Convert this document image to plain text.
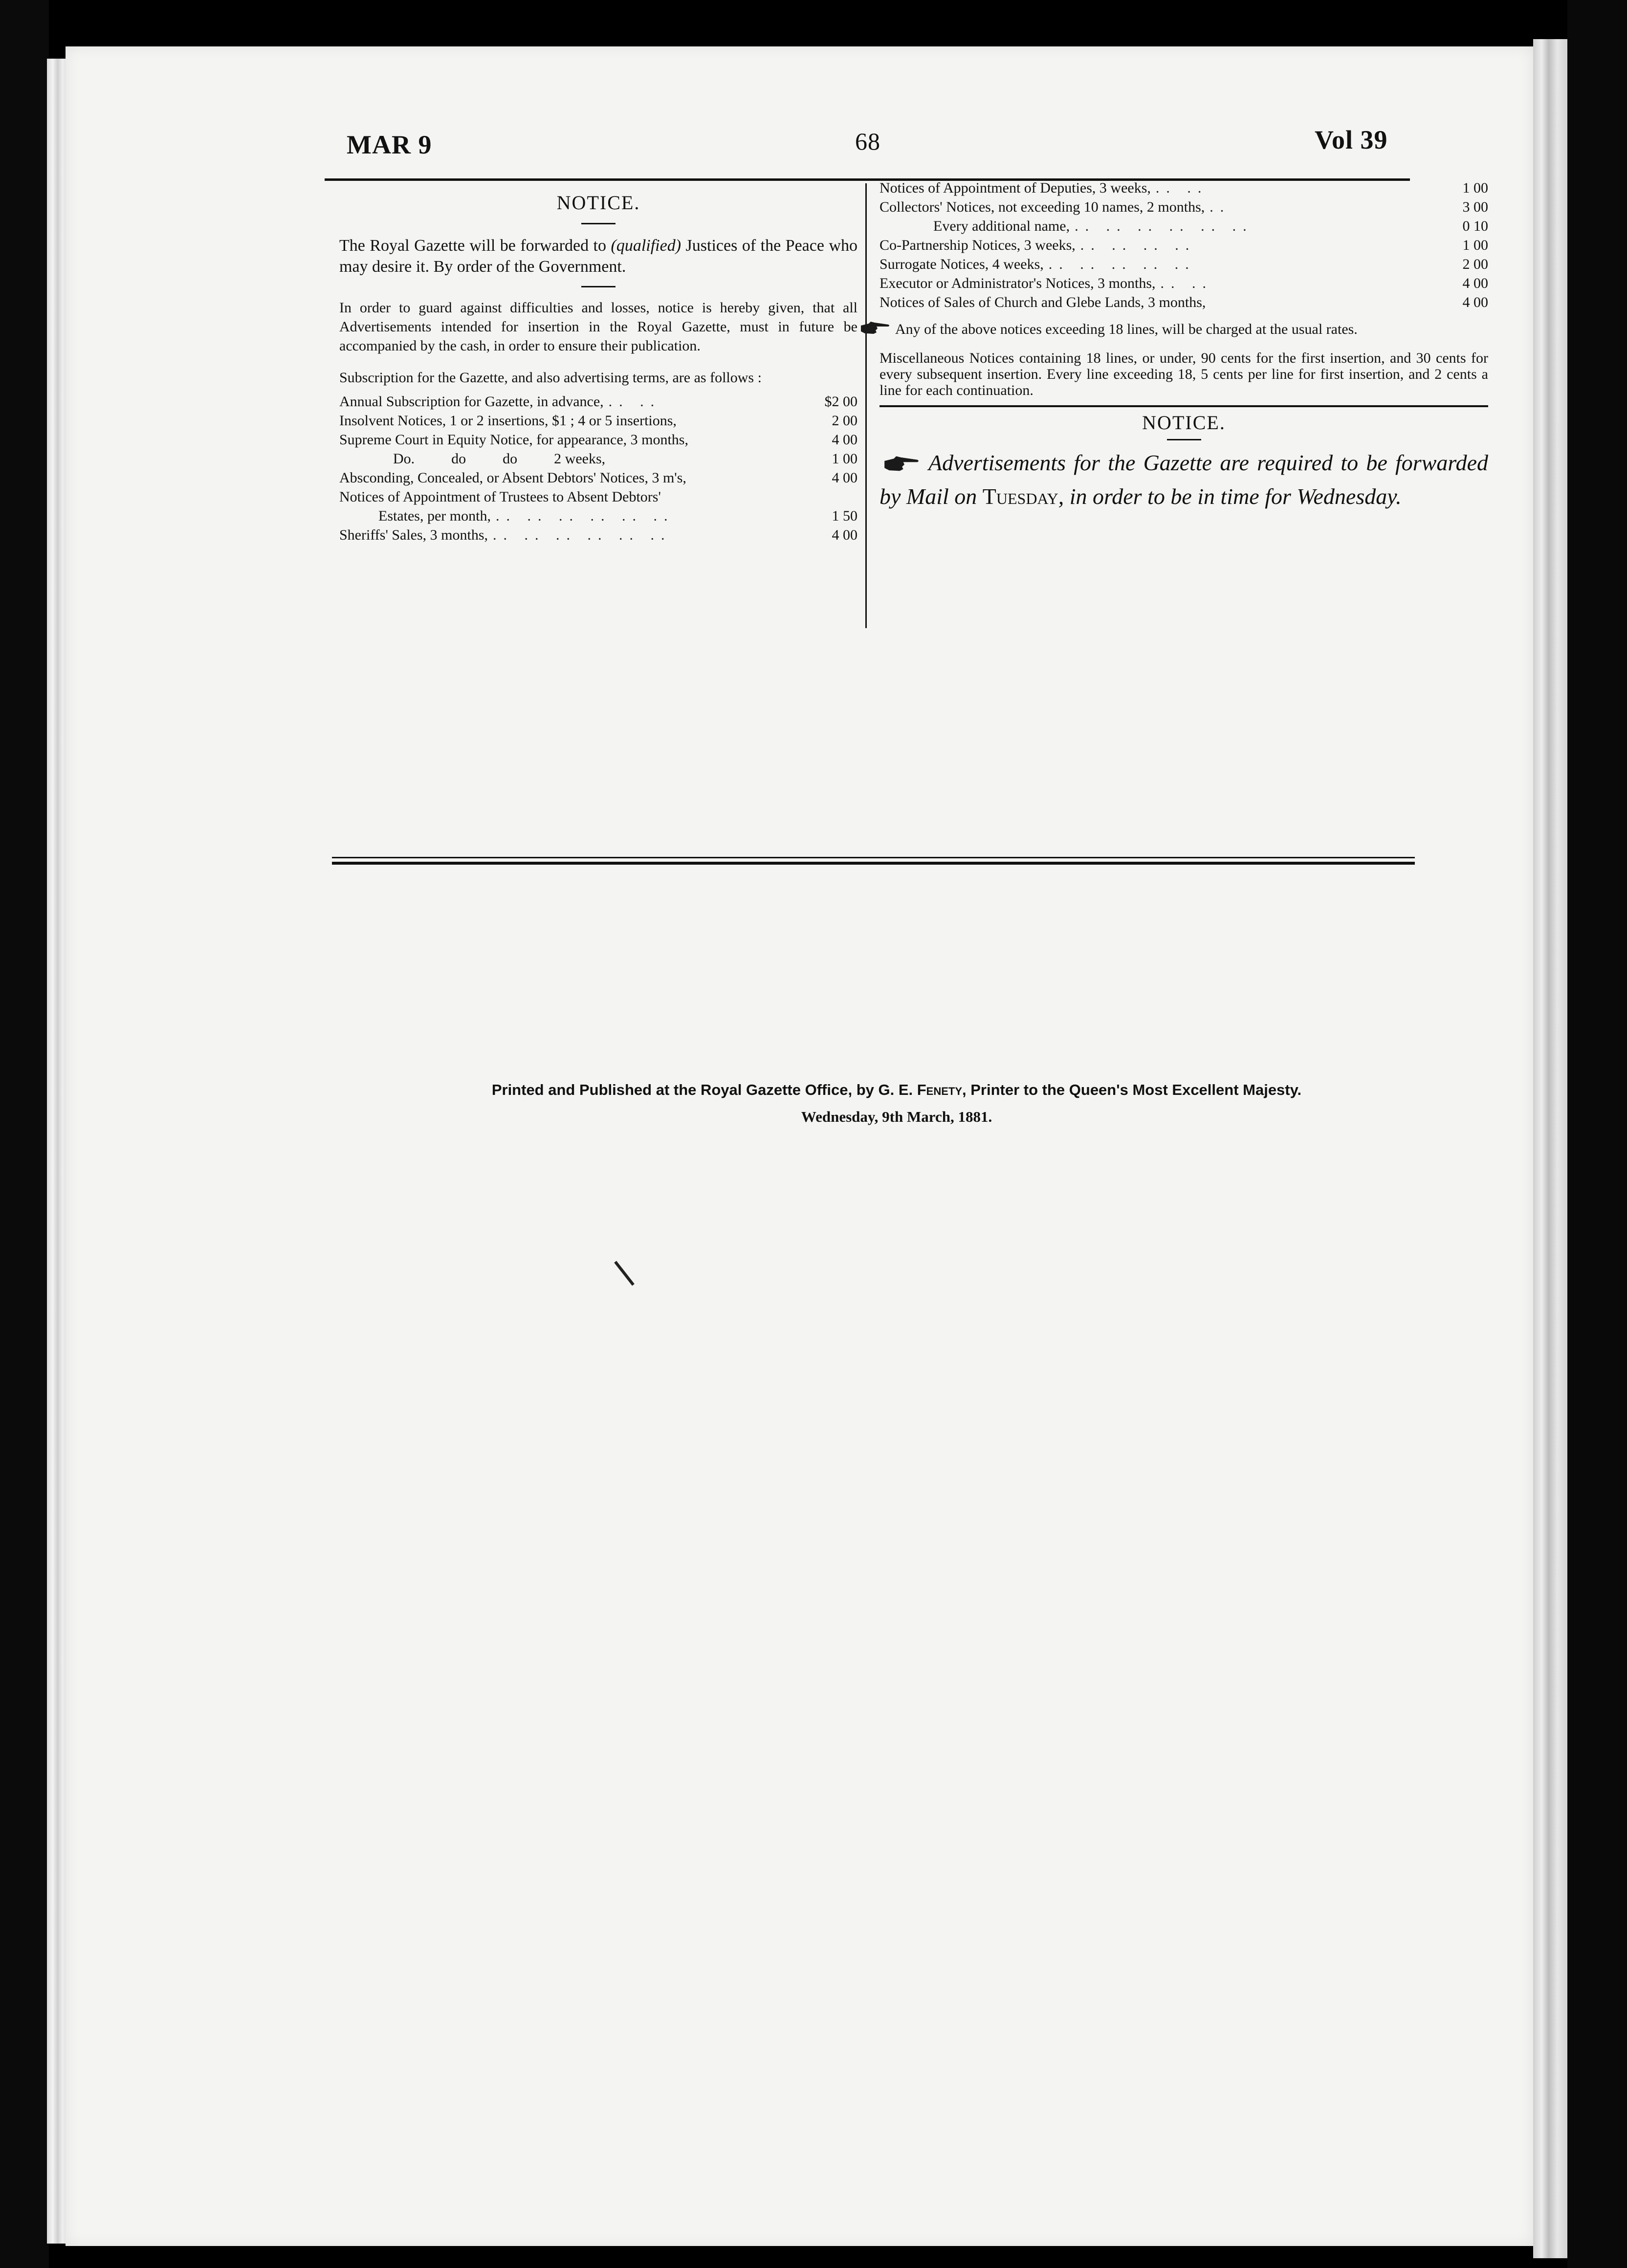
MAR 9	68	Vol 39
NOTICE.
The Royal Gazette will be forwarded to (qualified) Justices of the Peace who may desire it. By order of the Government.
In order to guard against difficulties and losses, notice is hereby given, that all Advertisements intended for insertion in the Royal Gazette, must in future be accompanied by the cash, in order to ensure their publication.
Subscription for the Gazette, and also advertising terms, are as follows :
Annual Subscription for Gazette, in advance, .. ..	$2 00
Insolvent Notices, 1 or 2 insertions, $1 ; 4 or 5 insertions,	2 00
Supreme Court in Equity Notice, for appearance, 3 months,	4 00
Do.          do          do          2 weeks,	1 00
Absconding, Concealed, or Absent Debtors' Notices, 3 m's,	4 00
Notices of Appointment of Trustees to Absent Debtors'
Estates, per month, .. .. .. .. .. ..	1 50
Sheriffs' Sales, 3 months, .. .. .. .. .. ..	4 00
Notices of Appointment of Deputies, 3 weeks, .. ..	1 00
Collectors' Notices, not exceeding 10 names, 2 months, ..	3 00
Every additional name, .. .. .. .. .. ..	0 10
Co-Partnership Notices, 3 weeks, .. .. .. ..	1 00
Surrogate Notices, 4 weeks, .. .. .. .. ..	2 00
Executor or Administrator's Notices, 3 months, .. ..	4 00
Notices of Sales of Church and Glebe Lands, 3 months,	4 00
Any of the above notices exceeding 18 lines, will be charged at the usual rates.
Miscellaneous Notices containing 18 lines, or under, 90 cents for the first insertion, and 30 cents for every subsequent insertion. Every line exceeding 18, 5 cents per line for first insertion, and 2 cents a line for each continuation.
NOTICE.
Advertisements for the Gazette are required to be forwarded by Mail on Tuesday, in order to be in time for Wednesday.
Printed and Published at the Royal Gazette Office, by G. E. Fenety, Printer to the Queen's Most Excellent Majesty.
Wednesday, 9th March, 1881.
